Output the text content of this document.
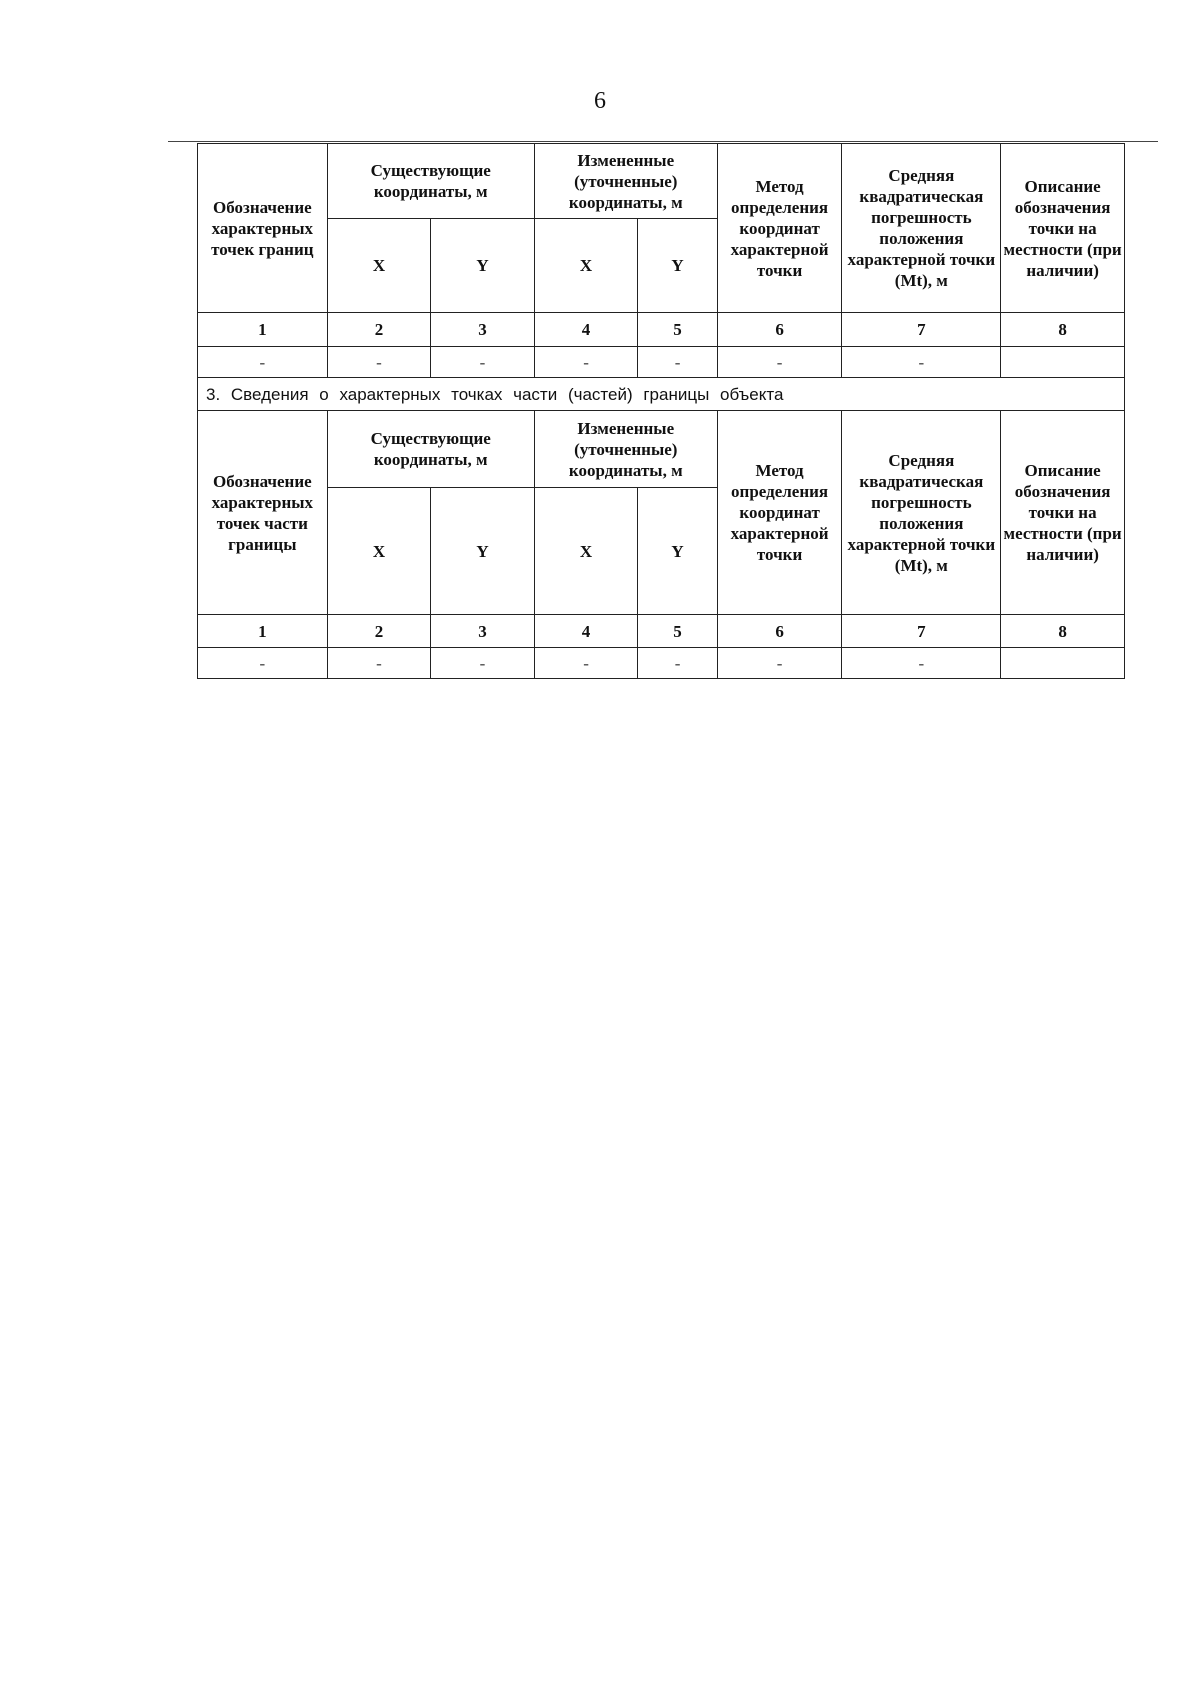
6
Обозначение характерных точек границ	Существующие координаты, м		Измененные (уточненные) координаты, м		Метод определения координат характерной точки	Средняя квадратическая погрешность положения характерной точки (Mt), м	Описание обозначения точки на местности (при наличии)
	X	Y	X	Y			
1	2	3	4	5	6	7	8
-	-	-	-	-	-	-	
3. Сведения о характерных точках части (частей) границы объекта							
Обозначение характерных точек части границы	Существующие координаты, м		Измененные (уточненные) координаты, м		Метод определения координат характерной точки	Средняя квадратическая погрешность положения характерной точки (Mt), м	Описание обозначения точки на местности (при наличии)
	X	Y	X	Y			
1	2	3	4	5	6	7	8
-	-	-	-	-	-	-	
